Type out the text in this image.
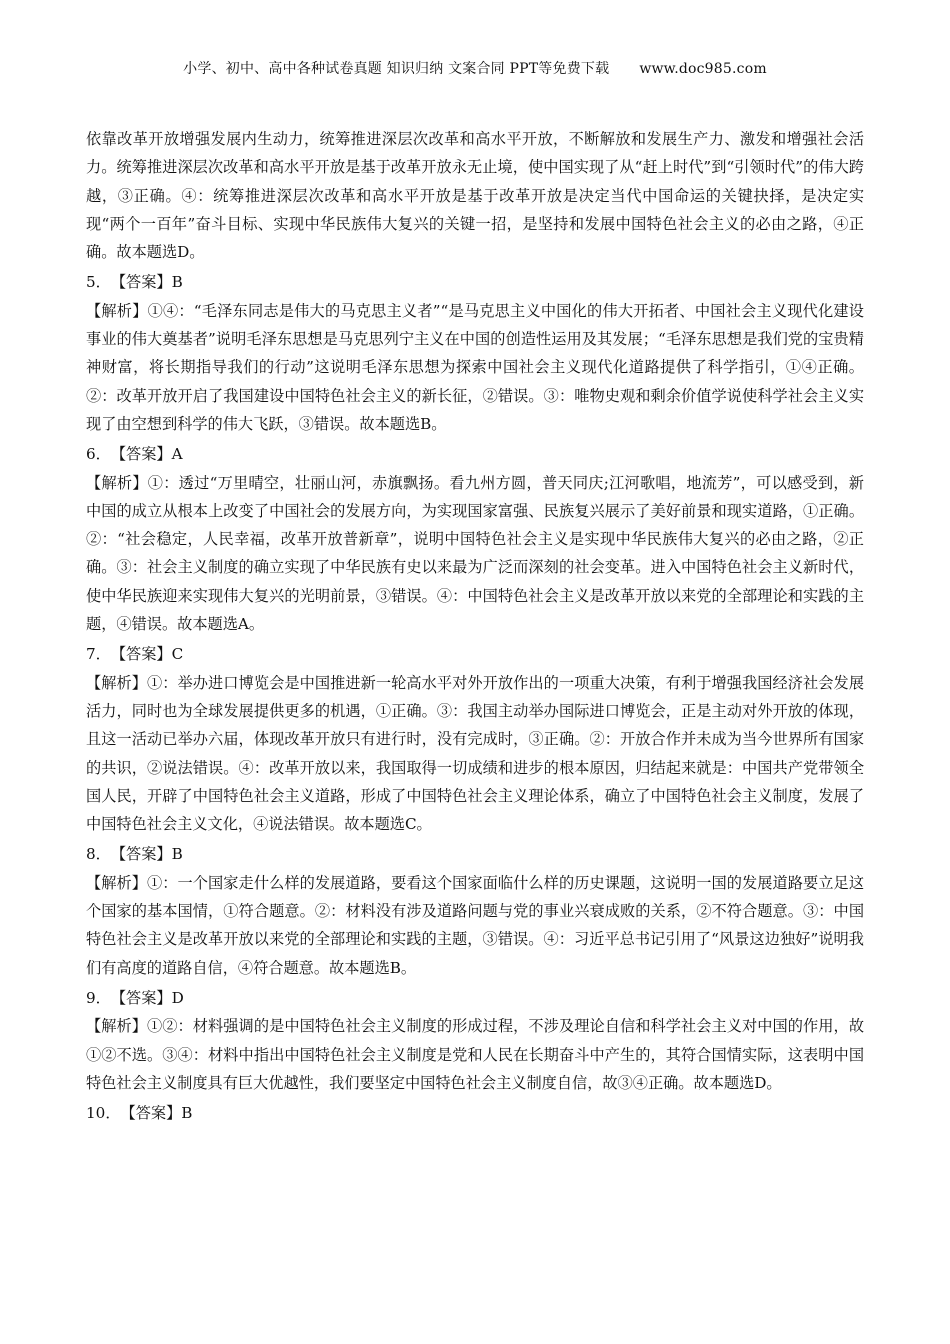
小学、初中、高中各种试卷真题 知识归纳 文案合同 PPT等免费下载 www.doc985.com

依靠改革开放增强发展内生动力，统筹推进深层次改革和高水平开放，不断解放和发展生产力、激发和增强社会活力。统筹推进深层次改革和高水平开放是基于改革开放永无止境，使中国实现了从“赶上时代”到“引领时代”的伟大跨越，③正确。④：统筹推进深层次改革和高水平开放是基于改革开放是决定当代中国命运的关键抉择，是决定实现“两个一百年”奋斗目标、实现中华民族伟大复兴的关键一招，是坚持和发展中国特色社会主义的必由之路，④正确。故本题选D。

5．【答案】B

【解析】①④：“毛泽东同志是伟大的马克思主义者”“是马克思主义中国化的伟大开拓者、中国社会主义现代化建设事业的伟大奠基者”说明毛泽东思想是马克思列宁主义在中国的创造性运用及其发展；“毛泽东思想是我们党的宝贵精神财富，将长期指导我们的行动”这说明毛泽东思想为探索中国社会主义现代化道路提供了科学指引，①④正确。②：改革开放开启了我国建设中国特色社会主义的新长征，②错误。③：唯物史观和剩余价值学说使科学社会主义实现了由空想到科学的伟大飞跃，③错误。故本题选B。

6．【答案】A

【解析】①：透过“万里晴空，壮丽山河，赤旗飘扬。看九州方圆，普天同庆;江河歌唱，地流芳”，可以感受到，新中国的成立从根本上改变了中国社会的发展方向，为实现国家富强、民族复兴展示了美好前景和现实道路，①正确。②：“社会稳定，人民幸福，改革开放普新章”，说明中国特色社会主义是实现中华民族伟大复兴的必由之路，②正确。③：社会主义制度的确立实现了中华民族有史以来最为广泛而深刻的社会变革。进入中国特色社会主义新时代，使中华民族迎来实现伟大复兴的光明前景，③错误。④：中国特色社会主义是改革开放以来党的全部理论和实践的主题，④错误。故本题选A。

7．【答案】C

【解析】①：举办进口博览会是中国推进新一轮高水平对外开放作出的一项重大决策，有利于增强我国经济社会发展活力，同时也为全球发展提供更多的机遇，①正确。③：我国主动举办国际进口博览会，正是主动对外开放的体现，且这一活动已举办六届，体现改革开放只有进行时，没有完成时，③正确。②：开放合作并未成为当今世界所有国家的共识，②说法错误。④：改革开放以来，我国取得一切成绩和进步的根本原因，归结起来就是：中国共产党带领全国人民，开辟了中国特色社会主义道路，形成了中国特色社会主义理论体系，确立了中国特色社会主义制度，发展了中国特色社会主义文化，④说法错误。故本题选C。

8．【答案】B

【解析】①：一个国家走什么样的发展道路，要看这个国家面临什么样的历史课题，这说明一国的发展道路要立足这个国家的基本国情，①符合题意。②：材料没有涉及道路问题与党的事业兴衰成败的关系，②不符合题意。③：中国特色社会主义是改革开放以来党的全部理论和实践的主题，③错误。④：习近平总书记引用了“风景这边独好”说明我们有高度的道路自信，④符合题意。故本题选B。

9．【答案】D

【解析】①②：材料强调的是中国特色社会主义制度的形成过程，不涉及理论自信和科学社会主义对中国的作用，故①②不选。③④：材料中指出中国特色社会主义制度是党和人民在长期奋斗中产生的，其符合国情实际，这表明中国特色社会主义制度具有巨大优越性，我们要坚定中国特色社会主义制度自信，故③④正确。故本题选D。

10．【答案】B
